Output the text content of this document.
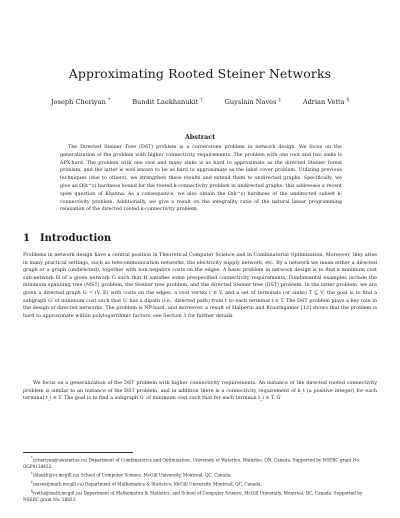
Approximating Rooted Steiner Networks
Joseph Cheriyan *	Bundit Laekhanukit †	Guyslain Naves ‡	Adrian Vetta §
Abstract
The Directed Steiner Tree (DST) problem is a cornerstone problem in network design. We focus on the generalization of the problem with higher connectivity requirements. The problem with one root and two sinks is APX-hard. The problem with one root and many sinks is as hard to approximate as the directed Steiner forest problem, and the latter is well known to be as hard to approximate as the label cover problem. Utilizing previous techniques (due to others), we strengthen these results and extend them to undirected graphs. Specifically, we give an Ω(k^ε) hardness bound for the rooted k-connectivity problem in undirected graphs; this addresses a recent open question of Khanna. As a consequence, we also obtain the Ω(k^ε) hardness of the undirected subset k-connectivity problem. Additionally, we give a result on the integrality ratio of the natural linear programming relaxation of the directed rooted k-connectivity problem.
1 Introduction
Problems in network design have a central position in Theoretical Computer Science and in Combinatorial Optimization. Moreover, they arise in many practical settings, such as telecommunication networks, the electricity supply network, etc. By a network we mean either a directed graph or a graph (undirected), together with non-negative costs on the edges. A basic problem in network design is to find a minimum cost sub-network H of a given network G such that H satisfies some prespecified connectivity requirements. Fundamental examples include the minimum spanning tree (MST) problem, the Steiner tree problem, and the directed Steiner tree (DST) problem. In the latter problem, we are given a directed graph G = (V, E) with costs on the edges, a root vertex r ∈ V, and a set of terminals (or sinks) T ⊆ V; the goal is to find a subgraph G′ of minimum cost such that G′ has a dipath (i.e., directed path) from r to each terminal t ∈ T. The DST problem plays a key role in the design of directed networks. The problem is NP-hard, and moreover, a result of Halperin and Krauthgamer [12] shows that the problem is hard to approximate within polylogarithmic factors; see Section 3 for further details.
We focus on a generalization of the DST problem with higher connectivity requirements. An instance of the directed rooted connectivity problem is similar to an instance of the DST problem, and in addition there is a connectivity requirement of k_t (a positive integer) for each terminal t_i ∈ T. The goal is to find a subgraph G′ of minimum cost such that for each terminal t_i ∈ T, G′
*(jcheriyan@uwaterloo.ca) Department of Combinatorics and Optimization, University of Waterloo, Waterloo, ON, Canada. Supported by NSERC grant No. OGP0138432.
†(blaekh@cs.mcgill.ca) School of Computer Science, McGill University, Montreal, QC, Canada.
‡(naves@math.mcgill.ca) Department of Mathematics & Statistics, McGill University, Montreal, QC, Canada.
§(vetta@math.mcgill.ca) Department of Mathematics & Statistics, and School of Computer Science, McGill University, Montreal, QC, Canada. Supported by NSERC grant No. 28833.
